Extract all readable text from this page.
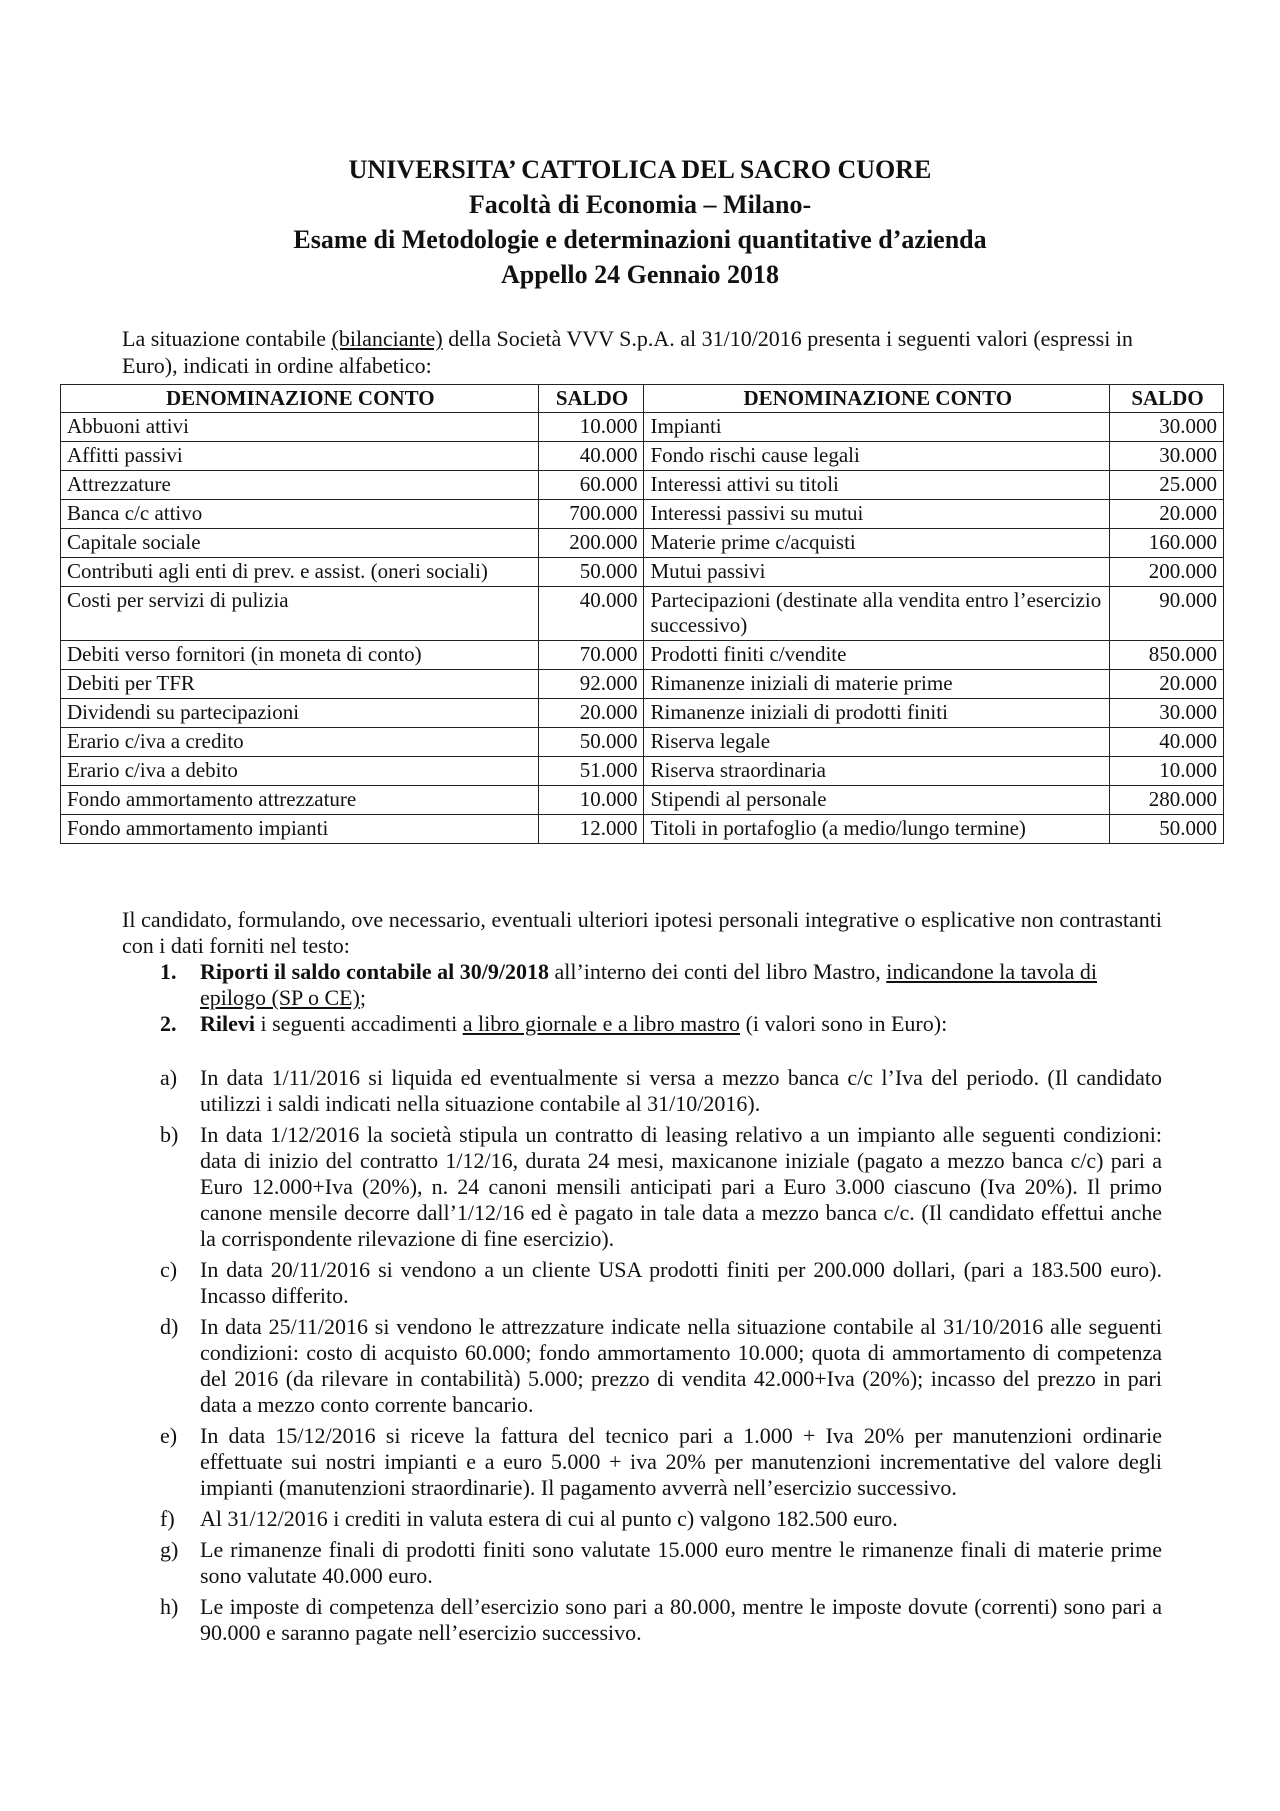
UNIVERSITA’ CATTOLICA DEL SACRO CUORE
Facoltà di Economia – Milano-
Esame di Metodologie e determinazioni quantitative d’azienda
Appello 24 Gennaio 2018
La situazione contabile (bilanciante) della Società VVV S.p.A. al 31/10/2016 presenta i seguenti valori (espressi in Euro), indicati in ordine alfabetico:
DENOMINAZIONE CONTO	SALDO	DENOMINAZIONE CONTO	SALDO
Abbuoni attivi	10.000	Impianti	30.000
Affitti passivi	40.000	Fondo rischi cause legali	30.000
Attrezzature	60.000	Interessi attivi su titoli	25.000
Banca c/c attivo	700.000	Interessi passivi su mutui	20.000
Capitale sociale	200.000	Materie prime c/acquisti	160.000
Contributi agli enti di prev. e assist. (oneri sociali)	50.000	Mutui passivi	200.000
Costi per servizi di pulizia	40.000	Partecipazioni (destinate alla vendita entro l’esercizio successivo)	90.000
Debiti verso fornitori (in moneta di conto)	70.000	Prodotti finiti c/vendite	850.000
Debiti per TFR	92.000	Rimanenze iniziali di materie prime	20.000
Dividendi su partecipazioni	20.000	Rimanenze iniziali di prodotti finiti	30.000
Erario c/iva a credito	50.000	Riserva legale	40.000
Erario c/iva a debito	51.000	Riserva straordinaria	10.000
Fondo ammortamento attrezzature	10.000	Stipendi al personale	280.000
Fondo ammortamento impianti	12.000	Titoli in portafoglio (a medio/lungo termine)	50.000
Il candidato, formulando, ove necessario, eventuali ulteriori ipotesi personali integrative o esplicative non contrastanti con i dati forniti nel testo:
1. Riporti il saldo contabile al 30/9/2018 all’interno dei conti del libro Mastro, indicandone la tavola di epilogo (SP o CE);
2. Rilevi i seguenti accadimenti a libro giornale e a libro mastro (i valori sono in Euro):
a) In data 1/11/2016 si liquida ed eventualmente si versa a mezzo banca c/c l’Iva del periodo. (Il candidato utilizzi i saldi indicati nella situazione contabile al 31/10/2016).
b) In data 1/12/2016 la società stipula un contratto di leasing relativo a un impianto alle seguenti condizioni: data di inizio del contratto 1/12/16, durata 24 mesi, maxicanone iniziale (pagato a mezzo banca c/c) pari a Euro 12.000+Iva (20%), n. 24 canoni mensili anticipati pari a Euro 3.000 ciascuno (Iva 20%). Il primo canone mensile decorre dall’1/12/16 ed è pagato in tale data a mezzo banca c/c. (Il candidato effettui anche la corrispondente rilevazione di fine esercizio).
c) In data 20/11/2016 si vendono a un cliente USA prodotti finiti per 200.000 dollari, (pari a 183.500 euro). Incasso differito.
d) In data 25/11/2016 si vendono le attrezzature indicate nella situazione contabile al 31/10/2016 alle seguenti condizioni: costo di acquisto 60.000; fondo ammortamento 10.000; quota di ammortamento di competenza del 2016 (da rilevare in contabilità) 5.000; prezzo di vendita 42.000+Iva (20%); incasso del prezzo in pari data a mezzo conto corrente bancario.
e) In data 15/12/2016 si riceve la fattura del tecnico pari a 1.000 + Iva 20% per manutenzioni ordinarie effettuate sui nostri impianti e a euro 5.000 + iva 20% per manutenzioni incrementative del valore degli impianti (manutenzioni straordinarie). Il pagamento avverrà nell’esercizio successivo.
f) Al 31/12/2016 i crediti in valuta estera di cui al punto c) valgono 182.500 euro.
g) Le rimanenze finali di prodotti finiti sono valutate 15.000 euro mentre le rimanenze finali di materie prime sono valutate 40.000 euro.
h) Le imposte di competenza dell’esercizio sono pari a 80.000, mentre le imposte dovute (correnti) sono pari a 90.000 e saranno pagate nell’esercizio successivo.
